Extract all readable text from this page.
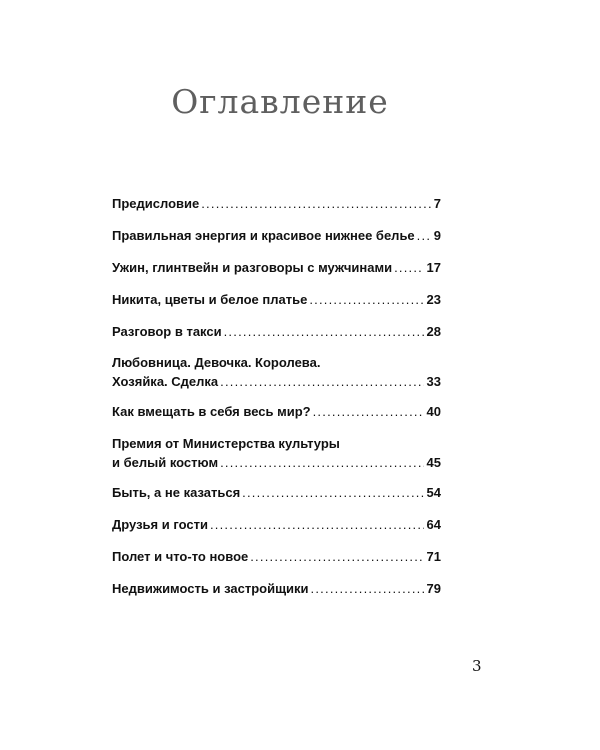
Оглавление
Предисловие . . .	7
Правильная энергия и красивое нижнее белье . . . 9
Ужин, глинтвейн и разговоры с мужчинами . . .	17
Никита, цветы и белое платье . . .	23
Разговор в такси . . .	28
Любовница. Девочка. Королева.
Хозяйка. Сделка . . .	33
Как вмещать в себя весь мир? . . .	40
Премия от Министерства культуры
и белый костюм . . .	45
Быть, а не казаться . . .	54
Друзья и гости . . .	64
Полет и что-то новое . . .	71
Недвижимость и застройщики . . .	79
3
